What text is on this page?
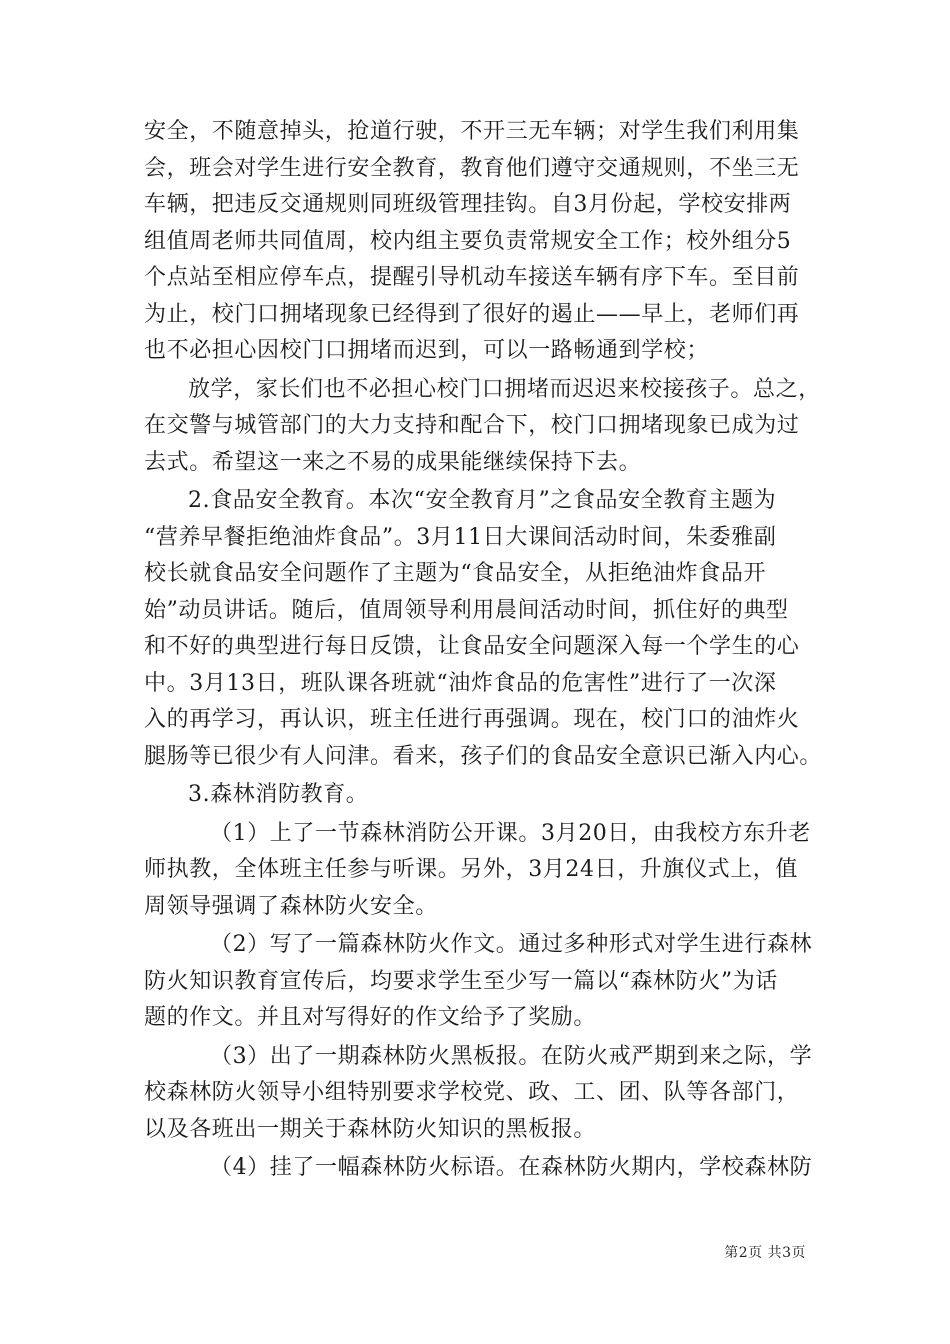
安全，不随意掉头，抢道行驶，不开三无车辆；对学生我们利用集
会，班会对学生进行安全教育，教育他们遵守交通规则，不坐三无
车辆，把违反交通规则同班级管理挂钩。自3月份起，学校安排两
组值周老师共同值周，校内组主要负责常规安全工作；校外组分5
个点站至相应停车点，提醒引导机动车接送车辆有序下车。至目前
为止，校门口拥堵现象已经得到了很好的遏止——早上，老师们再
也不必担心因校门口拥堵而迟到，可以一路畅通到学校；
放学，家长们也不必担心校门口拥堵而迟迟来校接孩子。总之，
在交警与城管部门的大力支持和配合下，校门口拥堵现象已成为过
去式。希望这一来之不易的成果能继续保持下去。
2.食品安全教育。本次“安全教育月”之食品安全教育主题为
“营养早餐拒绝油炸食品”。3月11日大课间活动时间，朱委雅副
校长就食品安全问题作了主题为“食品安全，从拒绝油炸食品开
始”动员讲话。随后，值周领导利用晨间活动时间，抓住好的典型
和不好的典型进行每日反馈，让食品安全问题深入每一个学生的心
中。3月13日，班队课各班就“油炸食品的危害性”进行了一次深
入的再学习，再认识，班主任进行再强调。现在，校门口的油炸火
腿肠等已很少有人问津。看来，孩子们的食品安全意识已渐入内心。
3.森林消防教育。
（1）上了一节森林消防公开课。3月20日，由我校方东升老
师执教，全体班主任参与听课。另外，3月24日，升旗仪式上，值
周领导强调了森林防火安全。
（2）写了一篇森林防火作文。通过多种形式对学生进行森林
防火知识教育宣传后，均要求学生至少写一篇以“森林防火”为话
题的作文。并且对写得好的作文给予了奖励。
（3）出了一期森林防火黑板报。在防火戒严期到来之际，学
校森林防火领导小组特别要求学校党、政、工、团、队等各部门，
以及各班出一期关于森林防火知识的黑板报。
（4）挂了一幅森林防火标语。在森林防火期内，学校森林防
第2页 共3页
